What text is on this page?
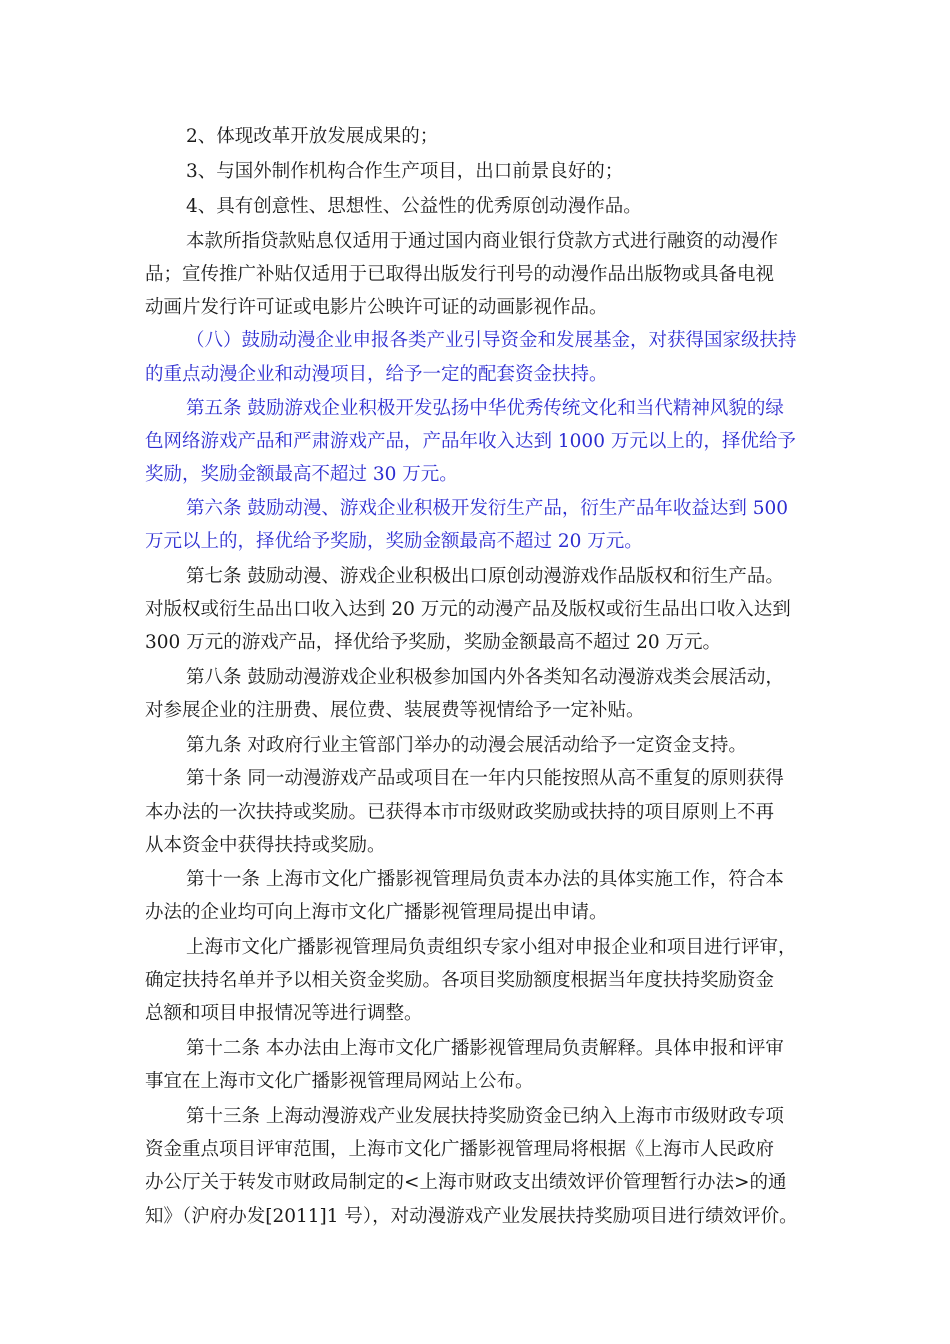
2、体现改革开放发展成果的；
3、与国外制作机构合作生产项目，出口前景良好的；
4、具有创意性、思想性、公益性的优秀原创动漫作品。
本款所指贷款贴息仅适用于通过国内商业银行贷款方式进行融资的动漫作
品；宣传推广补贴仅适用于已取得出版发行刊号的动漫作品出版物或具备电视
动画片发行许可证或电影片公映许可证的动画影视作品。
（八）鼓励动漫企业申报各类产业引导资金和发展基金，对获得国家级扶持
的重点动漫企业和动漫项目，给予一定的配套资金扶持。
第五条 鼓励游戏企业积极开发弘扬中华优秀传统文化和当代精神风貌的绿
色网络游戏产品和严肃游戏产品，产品年收入达到 1000 万元以上的，择优给予
奖励，奖励金额最高不超过 30 万元。
第六条 鼓励动漫、游戏企业积极开发衍生产品，衍生产品年收益达到 500
万元以上的，择优给予奖励，奖励金额最高不超过 20 万元。
第七条 鼓励动漫、游戏企业积极出口原创动漫游戏作品版权和衍生产品。
对版权或衍生品出口收入达到 20 万元的动漫产品及版权或衍生品出口收入达到
300 万元的游戏产品，择优给予奖励，奖励金额最高不超过 20 万元。
第八条 鼓励动漫游戏企业积极参加国内外各类知名动漫游戏类会展活动，
对参展企业的注册费、展位费、装展费等视情给予一定补贴。
第九条 对政府行业主管部门举办的动漫会展活动给予一定资金支持。
第十条 同一动漫游戏产品或项目在一年内只能按照从高不重复的原则获得
本办法的一次扶持或奖励。已获得本市市级财政奖励或扶持的项目原则上不再
从本资金中获得扶持或奖励。
第十一条 上海市文化广播影视管理局负责本办法的具体实施工作，符合本
办法的企业均可向上海市文化广播影视管理局提出申请。
上海市文化广播影视管理局负责组织专家小组对申报企业和项目进行评审，
确定扶持名单并予以相关资金奖励。各项目奖励额度根据当年度扶持奖励资金
总额和项目申报情况等进行调整。
第十二条 本办法由上海市文化广播影视管理局负责解释。具体申报和评审
事宜在上海市文化广播影视管理局网站上公布。
第十三条 上海动漫游戏产业发展扶持奖励资金已纳入上海市市级财政专项
资金重点项目评审范围，上海市文化广播影视管理局将根据《上海市人民政府
办公厅关于转发市财政局制定的<上海市财政支出绩效评价管理暂行办法>的通
知》（沪府办发[2011]1 号），对动漫游戏产业发展扶持奖励项目进行绩效评价。
